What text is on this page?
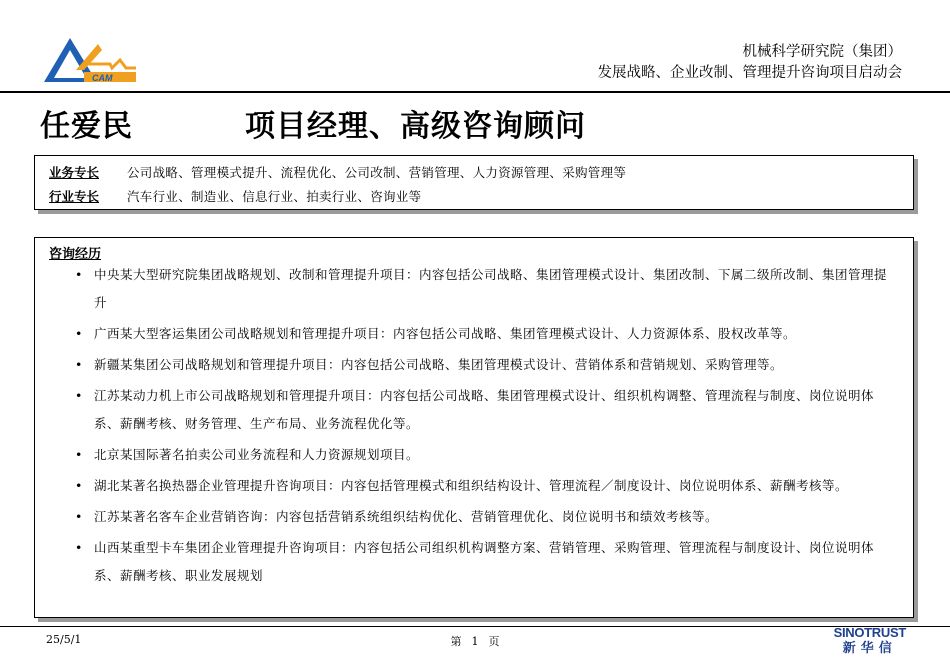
CAM
机械科学研究院（集团）
发展战略、企业改制、管理提升咨询项目启动会
任爱民	项目经理、高级咨询顾问
业务专长 公司战略、管理模式提升、流程优化、公司改制、营销管理、人力资源管理、采购管理等
行业专长 汽车行业、制造业、信息行业、拍卖行业、咨询业等
咨询经历
• 中央某大型研究院集团战略规划、改制和管理提升项目：内容包括公司战略、集团管理模式设计、集团改制、下属二级所改制、集团管理提升
• 广西某大型客运集团公司战略规划和管理提升项目：内容包括公司战略、集团管理模式设计、人力资源体系、股权改革等。
• 新疆某集团公司战略规划和管理提升项目：内容包括公司战略、集团管理模式设计、营销体系和营销规划、采购管理等。
• 江苏某动力机上市公司战略规划和管理提升项目：内容包括公司战略、集团管理模式设计、组织机构调整、管理流程与制度、岗位说明体系、薪酬考核、财务管理、生产布局、业务流程优化等。
• 北京某国际著名拍卖公司业务流程和人力资源规划项目。
• 湖北某著名换热器企业管理提升咨询项目：内容包括管理模式和组织结构设计、管理流程／制度设计、岗位说明体系、薪酬考核等。
• 江苏某著名客车企业营销咨询：内容包括营销系统组织结构优化、营销管理优化、岗位说明书和绩效考核等。
• 山西某重型卡车集团企业管理提升咨询项目：内容包括公司组织机构调整方案、营销管理、采购管理、管理流程与制度设计、岗位说明体系、薪酬考核、职业发展规划
25/5/1	第 1 页
SINOTRUST
新华信
